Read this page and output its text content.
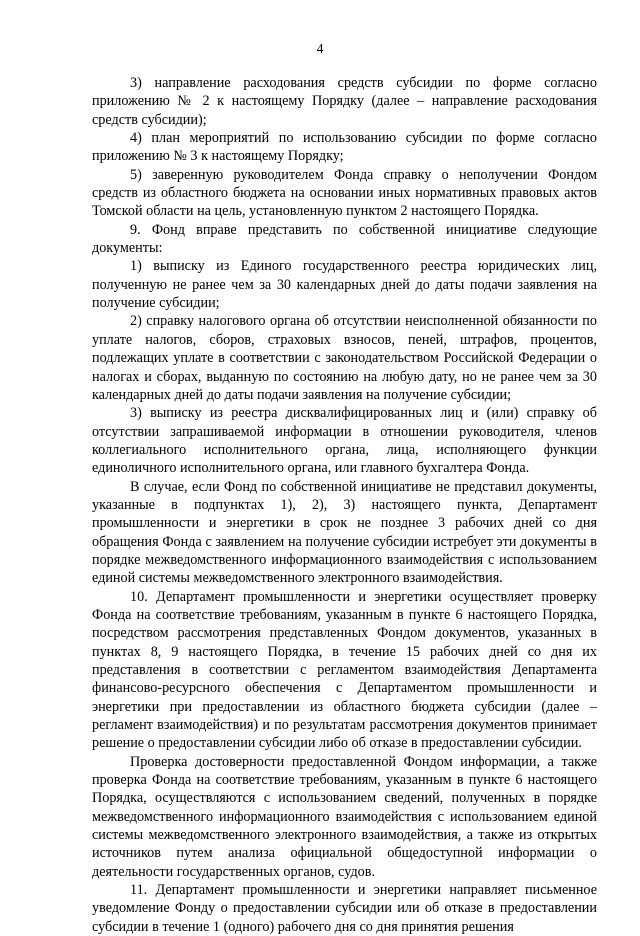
4

3) направление расходования средств субсидии по форме согласно приложению № 2 к настоящему Порядку (далее – направление расходования средств субсидии);

4) план мероприятий по использованию субсидии по форме согласно приложению № 3 к настоящему Порядку;

5) заверенную руководителем Фонда справку о неполучении Фондом средств из областного бюджета на основании иных нормативных правовых актов Томской области на цель, установленную пунктом 2 настоящего Порядка.

9. Фонд вправе представить по собственной инициативе следующие документы:

1) выписку из Единого государственного реестра юридических лиц, полученную не ранее чем за 30 календарных дней до даты подачи заявления на получение субсидии;

2) справку налогового органа об отсутствии неисполненной обязанности по уплате налогов, сборов, страховых взносов, пеней, штрафов, процентов, подлежащих уплате в соответствии с законодательством Российской Федерации о налогах и сборах, выданную по состоянию на любую дату, но не ранее чем за 30 календарных дней до даты подачи заявления на получение субсидии;

3) выписку из реестра дисквалифицированных лиц и (или) справку об отсутствии запрашиваемой информации в отношении руководителя, членов коллегиального исполнительного органа, лица, исполняющего функции единоличного исполнительного органа, или главного бухгалтера Фонда.

В случае, если Фонд по собственной инициативе не представил документы, указанные в подпунктах 1), 2), 3) настоящего пункта, Департамент промышленности и энергетики в срок не позднее 3 рабочих дней со дня обращения Фонда с заявлением на получение субсидии истребует эти документы в порядке межведомственного информационного взаимодействия с использованием единой системы межведомственного электронного взаимодействия.

10. Департамент промышленности и энергетики осуществляет проверку Фонда на соответствие требованиям, указанным в пункте 6 настоящего Порядка, посредством рассмотрения представленных Фондом документов, указанных в пунктах 8, 9 настоящего Порядка, в течение 15 рабочих дней со дня их представления в соответствии с регламентом взаимодействия Департамента финансово-ресурсного обеспечения с Департаментом промышленности и энергетики при предоставлении из областного бюджета субсидии (далее – регламент взаимодействия) и по результатам рассмотрения документов принимает решение о предоставлении субсидии либо об отказе в предоставлении субсидии.

Проверка достоверности предоставленной Фондом информации, а также проверка Фонда на соответствие требованиям, указанным в пункте 6 настоящего Порядка, осуществляются с использованием сведений, полученных в порядке межведомственного информационного взаимодействия с использованием единой системы межведомственного электронного взаимодействия, а также из открытых источников путем анализа официальной общедоступной информации о деятельности государственных органов, судов.

11. Департамент промышленности и энергетики направляет письменное уведомление Фонду о предоставлении субсидии или об отказе в предоставлении субсидии в течение 1 (одного) рабочего дня со дня принятия решения
